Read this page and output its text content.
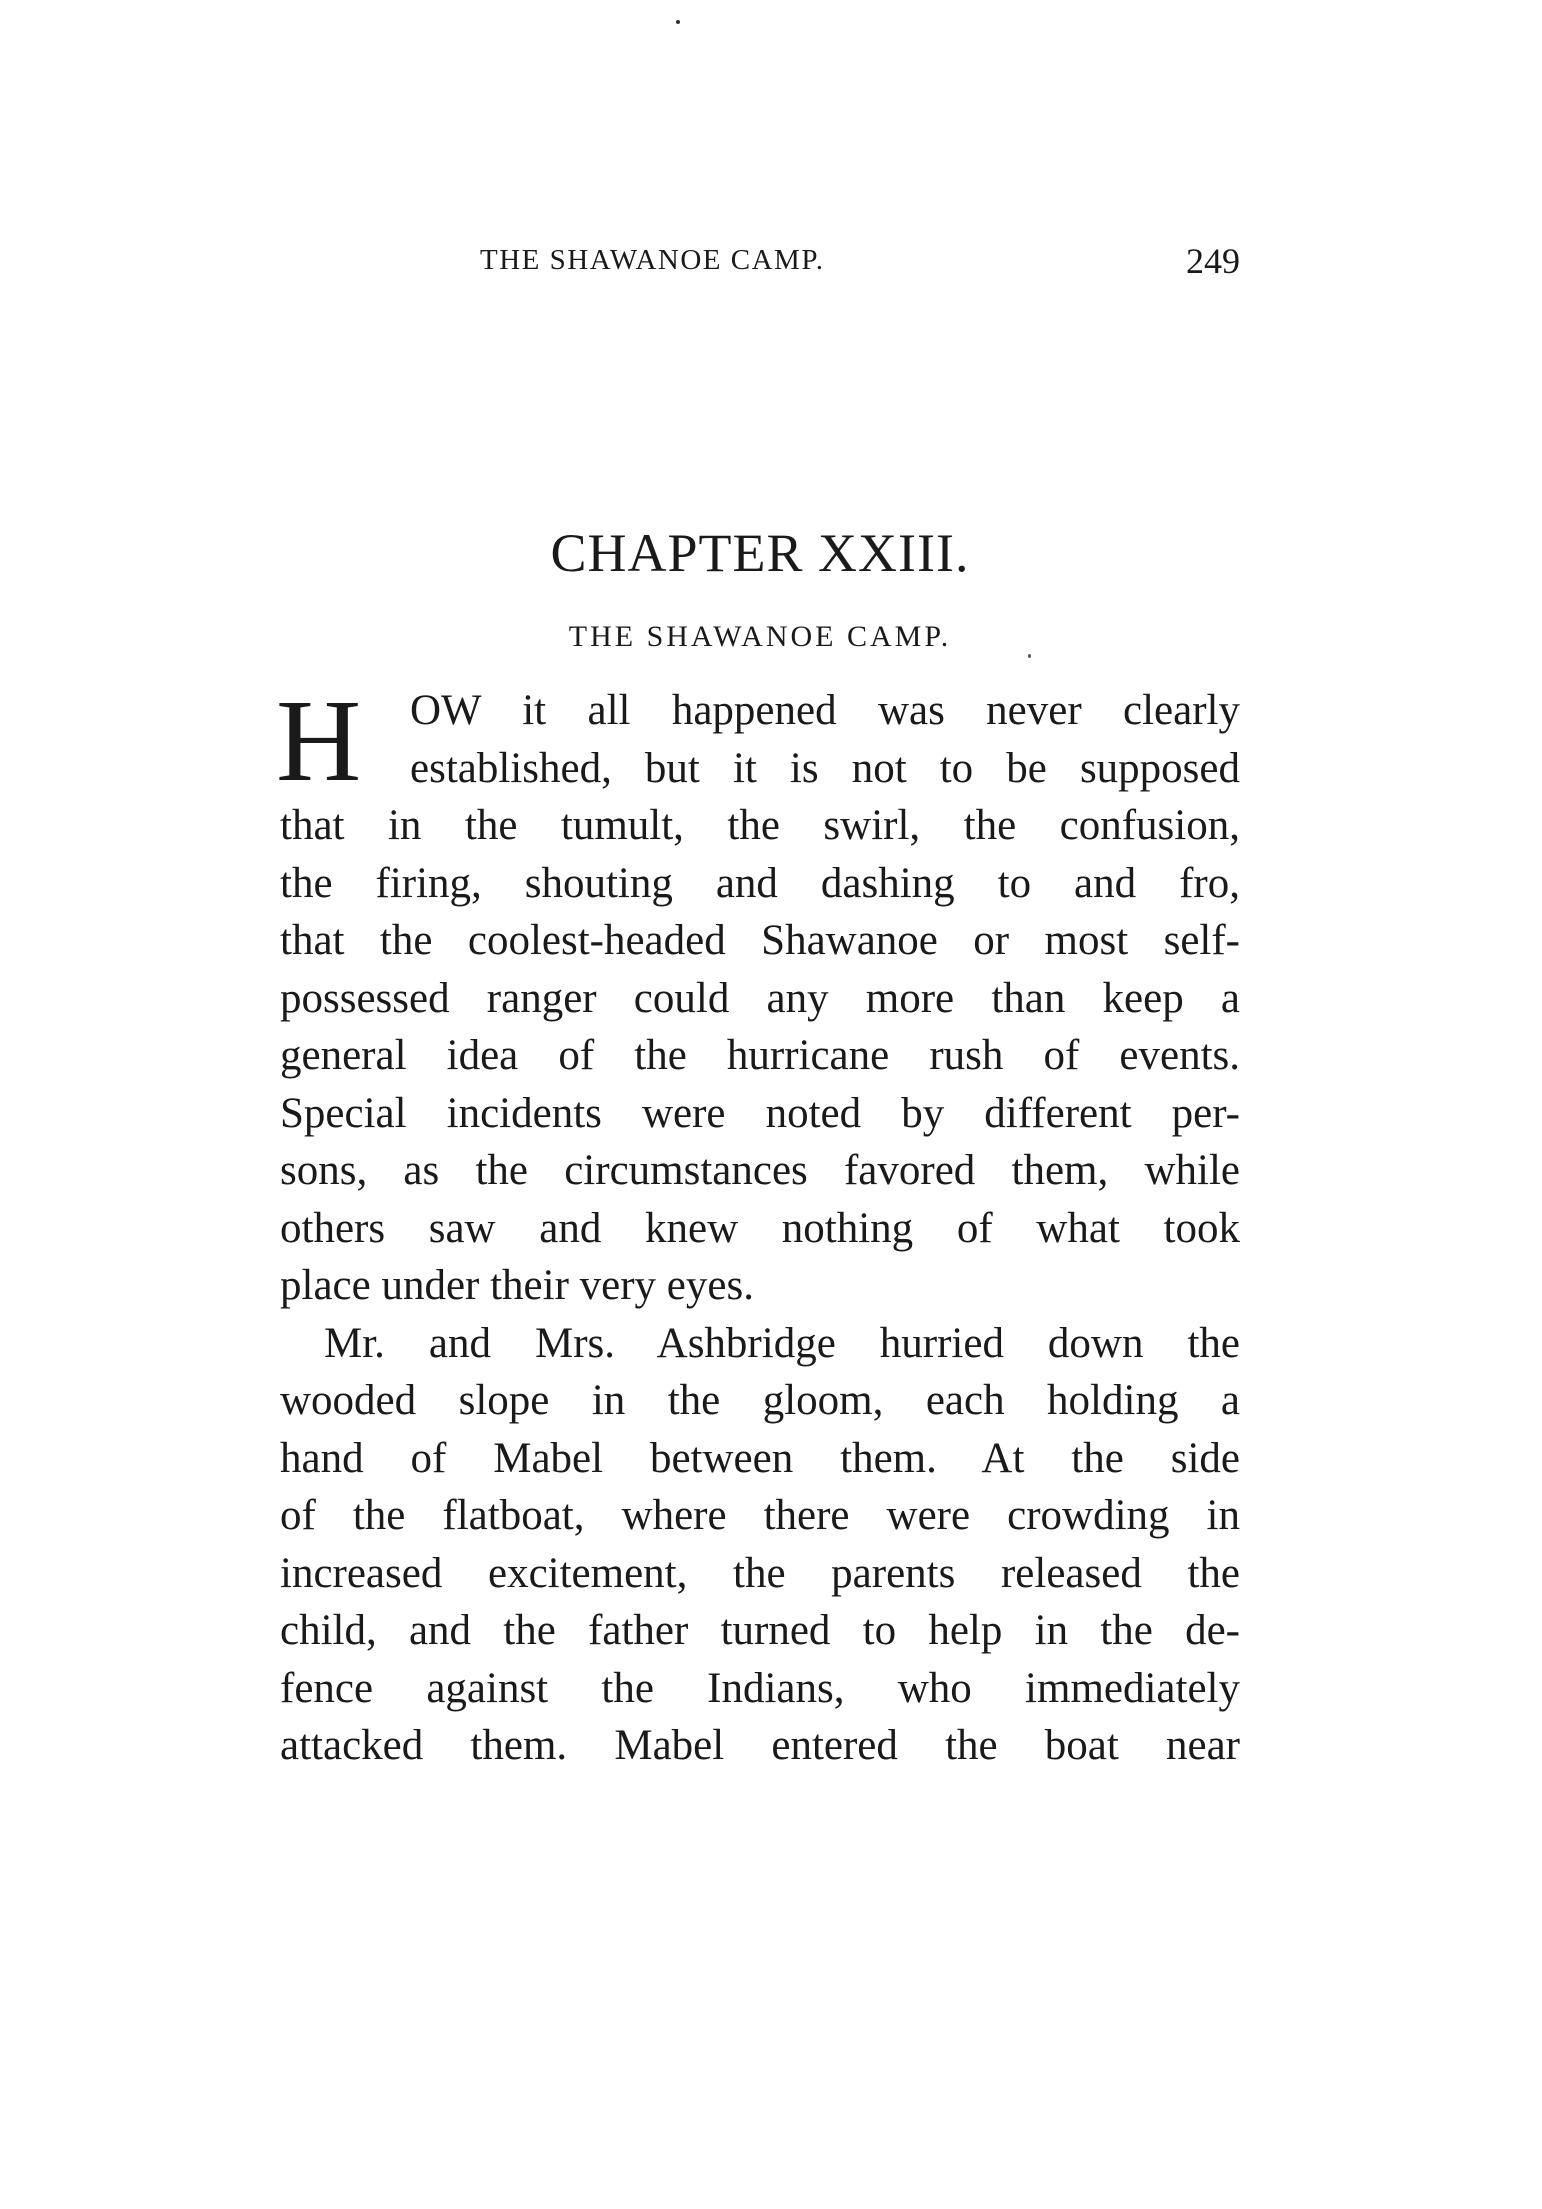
THE SHAWANOE CAMP.	249
CHAPTER XXIII.
THE SHAWANOE CAMP.
H	OW it all happened was never clearly
established, but it is not to be supposed
that in the tumult, the swirl, the confusion,
the firing, shouting and dashing to and fro,
that the coolest-headed Shawanoe or most self-
possessed ranger could any more than keep a
general idea of the hurricane rush of events.
Special incidents were noted by different per-
sons, as the circumstances favored them, while
others saw and knew nothing of what took
place under their very eyes.
Mr. and Mrs. Ashbridge hurried down the
wooded slope in the gloom, each holding a
hand of Mabel between them. At the side
of the flatboat, where there were crowding in
increased excitement, the parents released the
child, and the father turned to help in the de-
fence against the Indians, who immediately
attacked them. Mabel entered the boat near
